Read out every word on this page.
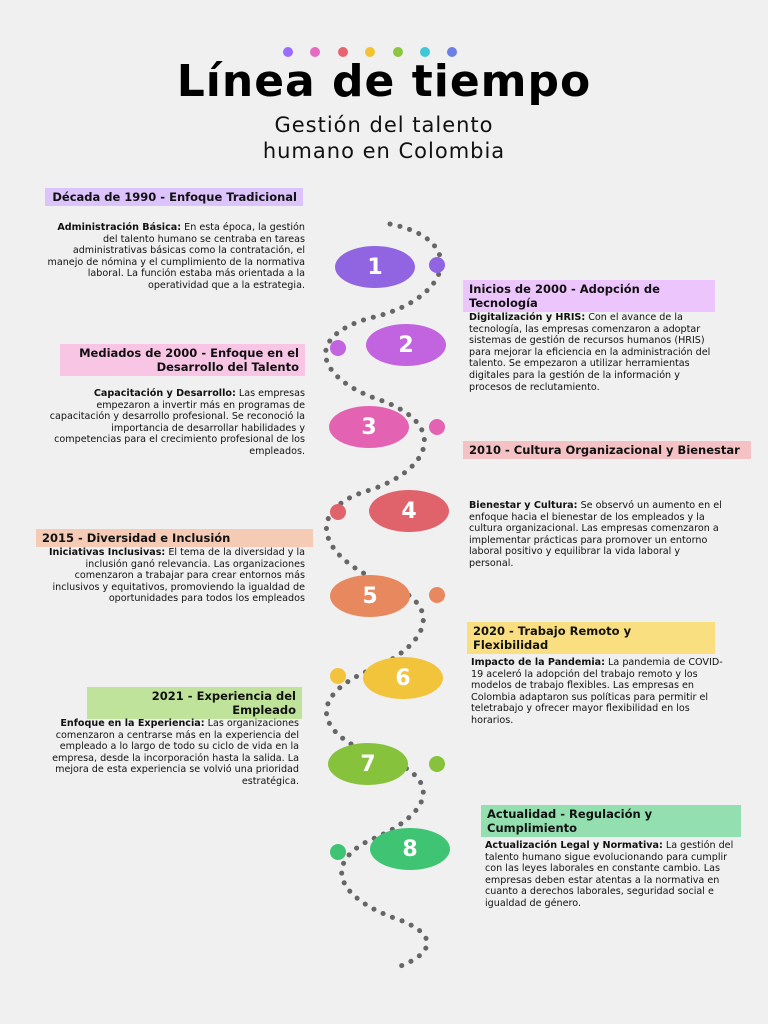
Línea de tiempo
Gestión del talento
humano en Colombia
1
2
3
4
5
6
7
8
Década de 1990 - Enfoque Tradicional
Administración Básica: En esta época, la gestión del talento humano se centraba en tareas administrativas básicas como la contratación, el manejo de nómina y el cumplimiento de la normativa laboral. La función estaba más orientada a la operatividad que a la estrategia.	Inicios de 2000 - Adopción de Tecnología
Digitalización y HRIS: Con el avance de la tecnología, las empresas comenzaron a adoptar sistemas de gestión de recursos humanos (HRIS) para mejorar la eficiencia en la administración del talento. Se empezaron a utilizar herramientas digitales para la gestión de la información y procesos de reclutamiento.
Mediados de 2000 - Enfoque en el Desarrollo del Talento
Capacitación y Desarrollo: Las empresas empezaron a invertir más en programas de capacitación y desarrollo profesional. Se reconoció la importancia de desarrollar habilidades y competencias para el crecimiento profesional de los empleados.	2010 - Cultura Organizacional y Bienestar
Bienestar y Cultura: Se observó un aumento en el enfoque hacia el bienestar de los empleados y la cultura organizacional. Las empresas comenzaron a implementar prácticas para promover un entorno laboral positivo y equilibrar la vida laboral y personal.
2015 - Diversidad e Inclusión
Iniciativas Inclusivas: El tema de la diversidad y la inclusión ganó relevancia. Las organizaciones comenzaron a trabajar para crear entornos más inclusivos y equitativos, promoviendo la igualdad de oportunidades para todos los empleados
2020 - Trabajo Remoto y Flexibilidad
Impacto de la Pandemia: La pandemia de COVID-19 aceleró la adopción del trabajo remoto y los modelos de trabajo flexibles. Las empresas en Colombia adaptaron sus políticas para permitir el teletrabajo y ofrecer mayor flexibilidad en los horarios.
2021 - Experiencia del Empleado
Enfoque en la Experiencia: Las organizaciones comenzaron a centrarse más en la experiencia del empleado a lo largo de todo su ciclo de vida en la empresa, desde la incorporación hasta la salida. La mejora de esta experiencia se volvió una prioridad estratégica.
Actualidad - Regulación y Cumplimiento
Actualización Legal y Normativa: La gestión del talento humano sigue evolucionando para cumplir con las leyes laborales en constante cambio. Las empresas deben estar atentas a la normativa en cuanto a derechos laborales, seguridad social e igualdad de género.
